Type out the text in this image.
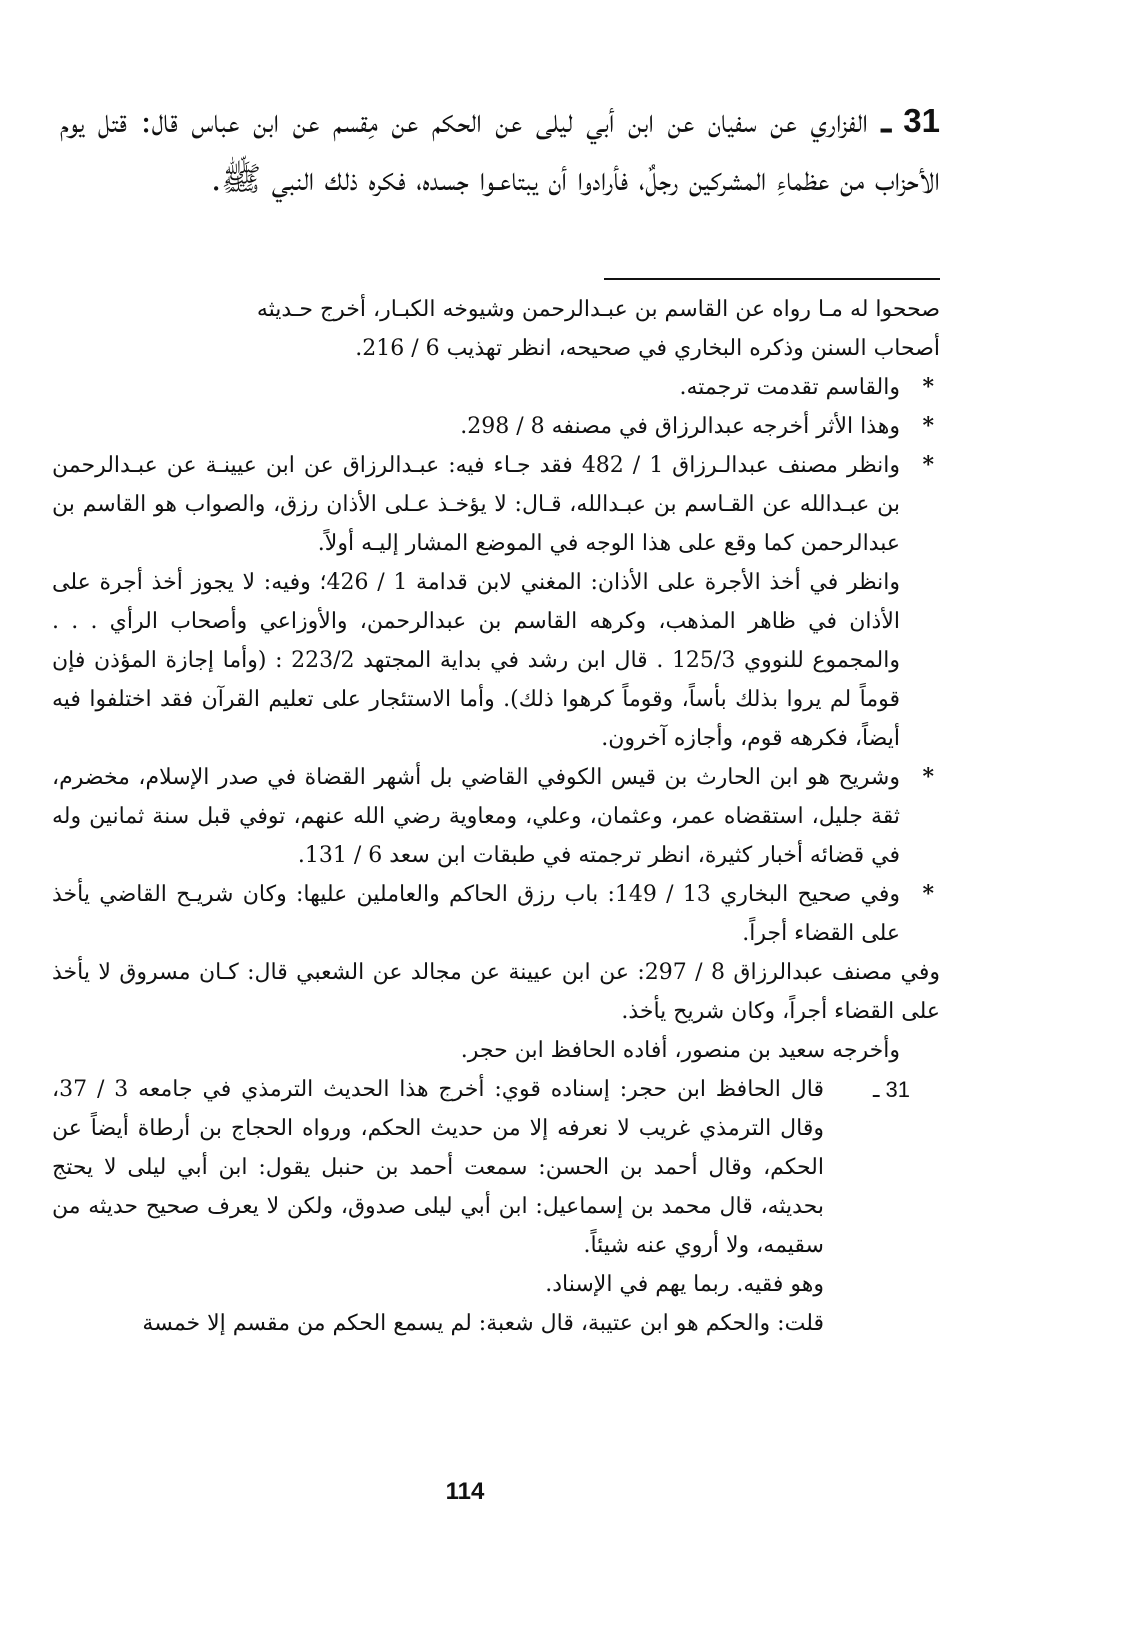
31 ـ الفزاري عن سفيان عن ابن أبي ليلى عن الحكم عن مِقسم عن ابن عباس قال: قتل يوم الأحزاب من عظماءِ المشركين رجلٌ، فأرادوا أن يبتاعـوا جسده، فكره ذلك النبي ﷺ.

صححوا له مـا رواه عن القاسم بن عبـدالرحمن وشيوخه الكبـار، أخرج حـديثه

أصحاب السنن وذكره البخاري في صحيحه، انظر تهذيب 6 / 216.

*
والقاسم تقدمت ترجمته.

*
وهذا الأثر أخرجه عبدالرزاق في مصنفه 8 / 298.

*
وانظر مصنف عبدالـرزاق 1 / 482 فقد جـاء فيه: عبـدالرزاق عن ابن عيينـة عن عبـدالرحمن بن عبـدالله عن القـاسم بن عبـدالله، قـال: لا يؤخـذ عـلى الأذان رزق، والصواب هو القاسم بن عبدالرحمن كما وقع على هذا الوجه في الموضع المشار إليـه أولاً.

وانظر في أخذ الأجرة على الأذان: المغني لابن قدامة 1 / 426؛ وفيه: لا يجوز أخذ أجرة على الأذان في ظاهر المذهب، وكرهه القاسم بن عبدالرحمن، والأوزاعي وأصحاب الرأي . . . والمجموع للنووي 125/3 . قال ابن رشد في بداية المجتهد 223/2 : (وأما إجازة المؤذن فإن قوماً لم يروا بذلك بأساً، وقوماً كرهوا ذلك). وأما الاستئجار على تعليم القرآن فقد اختلفوا فيه أيضاً، فكرهه قوم، وأجازه آخرون.

*
وشريح هو ابن الحارث بن قيس الكوفي القاضي بل أشهر القضاة في صدر الإسلام، مخضرم، ثقة جليل، استقضاه عمر، وعثمان، وعلي، ومعاوية رضي الله عنهم، توفي قبل سنة ثمانين وله في قضائه أخبار كثيرة، انظر ترجمته في طبقات ابن سعد 6 / 131.

*
وفي صحيح البخاري 13 / 149: باب رزق الحاكم والعاملين عليها: وكان شريـح القاضي يأخذ على القضاء أجراً.

وفي مصنف عبدالرزاق 8 / 297: عن ابن عيينة عن مجالد عن الشعبي قال: كـان مسروق لا يأخذ على القضاء أجراً، وكان شريح يأخذ.

وأخرجه سعيد بن منصور، أفاده الحافظ ابن حجر.

31 ـ
قال الحافظ ابن حجر: إسناده قوي: أخرج هذا الحديث الترمذي في جامعه 3 / 37، وقال الترمذي غريب لا نعرفه إلا من حديث الحكم، ورواه الحجاج بن أرطاة أيضاً عن الحكم، وقال أحمد بن الحسن: سمعت أحمد بن حنبل يقول: ابن أبي ليلى لا يحتج بحديثه، قال محمد بن إسماعيل: ابن أبي ليلى صدوق، ولكن لا يعرف صحيح حديثه من سقيمه، ولا أروي عنه شيئاً.

وهو فقيه. ربما يهم في الإسناد.

قلت: والحكم هو ابن عتيبة، قال شعبة: لم يسمع الحكم من مقسم إلا خمسة

114
